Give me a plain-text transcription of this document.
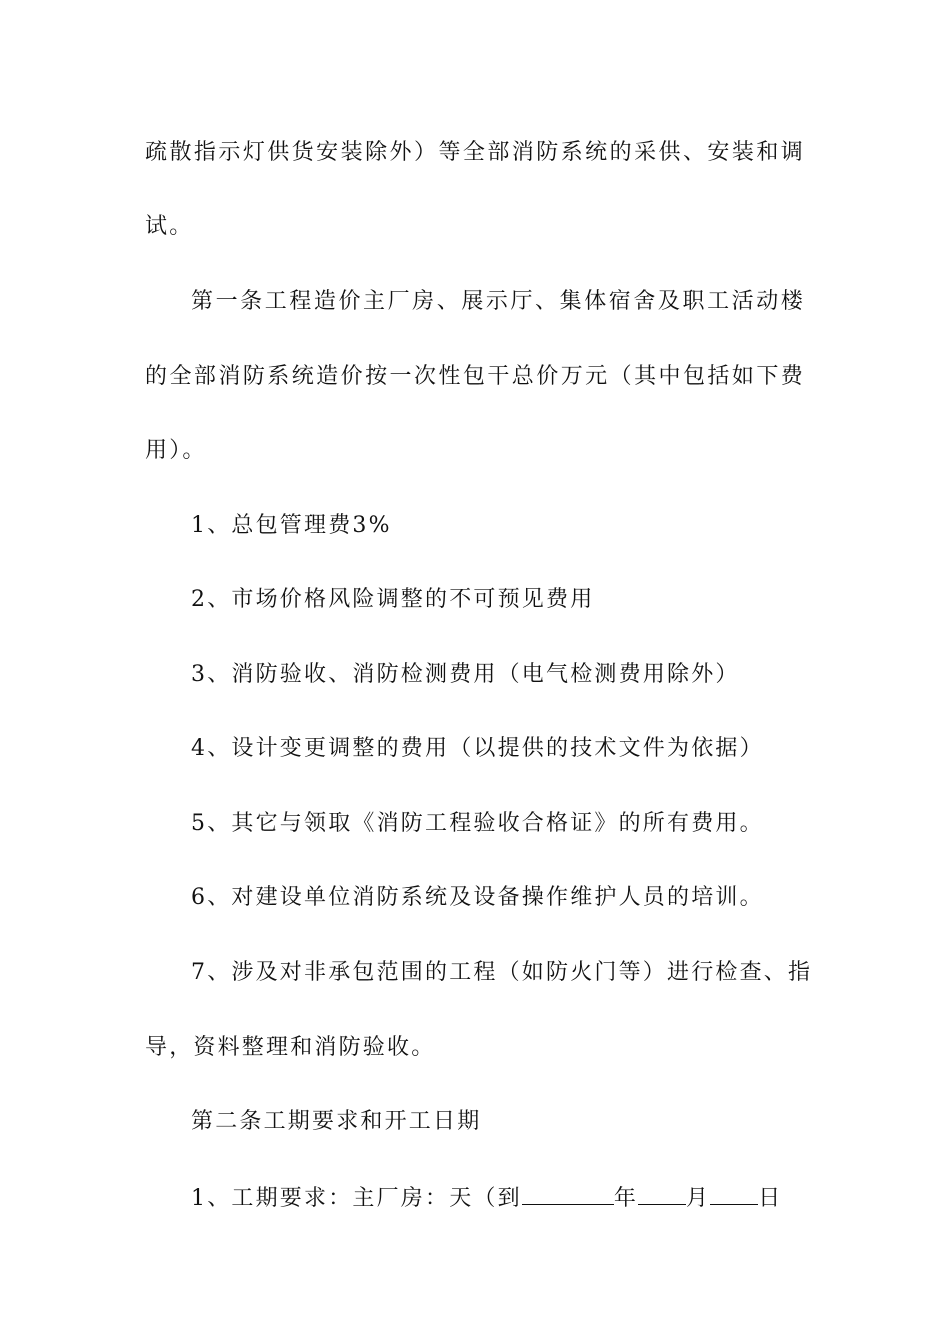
疏散指示灯供货安装除外）等全部消防系统的采供、安装和调
试。
第一条工程造价主厂房、展示厅、集体宿舍及职工活动楼
的全部消防系统造价按一次性包干总价万元（其中包括如下费
用）。
1、总包管理费3%
2、市场价格风险调整的不可预见费用
3、消防验收、消防检测费用（电气检测费用除外）
4、设计变更调整的费用（以提供的技术文件为依据）
5、其它与领取《消防工程验收合格证》的所有费用。
6、对建设单位消防系统及设备操作维护人员的培训。
7、涉及对非承包范围的工程（如防火门等）进行检查、指
导，资料整理和消防验收。
第二条工期要求和开工日期
1、工期要求：主厂房：天（到	年 月 日
